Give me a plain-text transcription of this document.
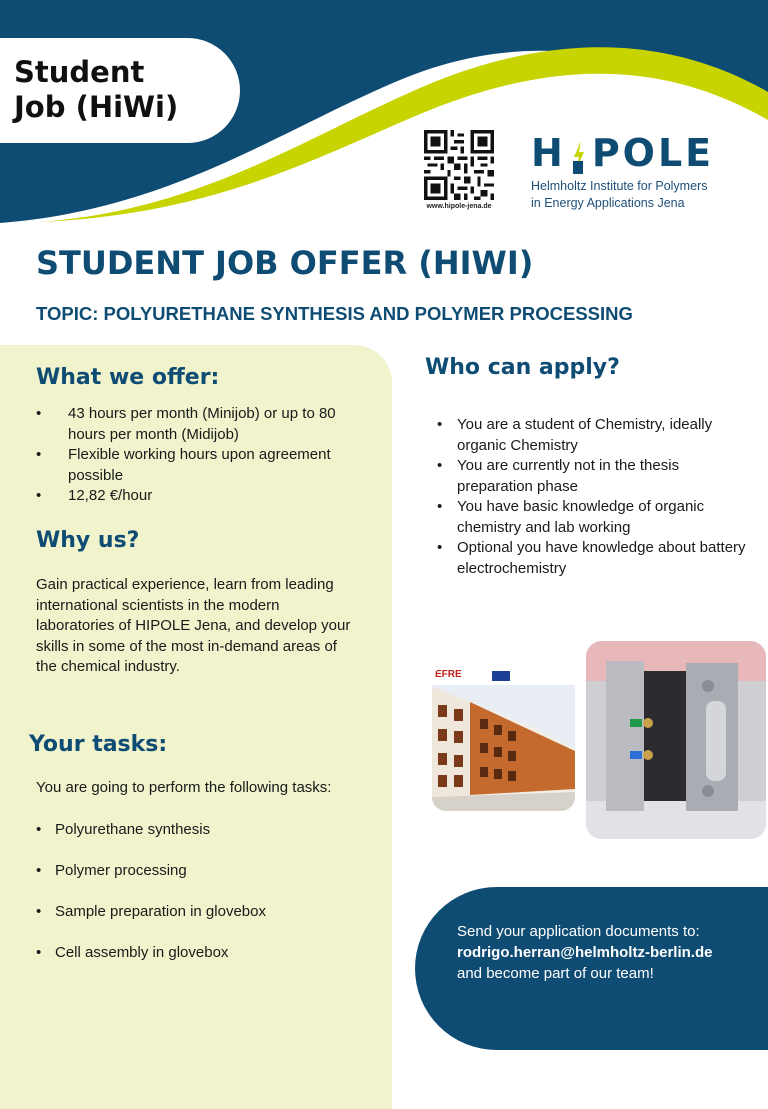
Student
Job (HiWi)
www.hipole-jena.de
H POLE
Helmholtz Institute for Polymers
in Energy Applications Jena
STUDENT JOB OFFER (HIWI)
TOPIC: POLYURETHANE SYNTHESIS AND POLYMER PROCESSING
What we offer:
• 43 hours per month (Minijob) or up to 80 hours per month (Midijob)
• Flexible working hours upon agreement possible
• 12,82 €/hour
Why us?

Gain practical experience, learn from leading international scientists in the modern laboratories of HIPOLE Jena, and develop your skills in some of the most in-demand areas of the chemical industry.

Your tasks:

You are going to perform the following tasks:

• Polyurethane synthesis
• Polymer processing
• Sample preparation in glovebox
• Cell assembly in glovebox
Who can apply?
• You are a student of Chemistry, ideally organic Chemistry
• You are currently not in the thesis preparation phase
• You have basic knowledge of organic chemistry and lab working
• Optional you have knowledge about battery electrochemistry
EFRE

Send your application documents to:

rodrigo.herran@helmholtz-berlin.de

and become part of our team!
